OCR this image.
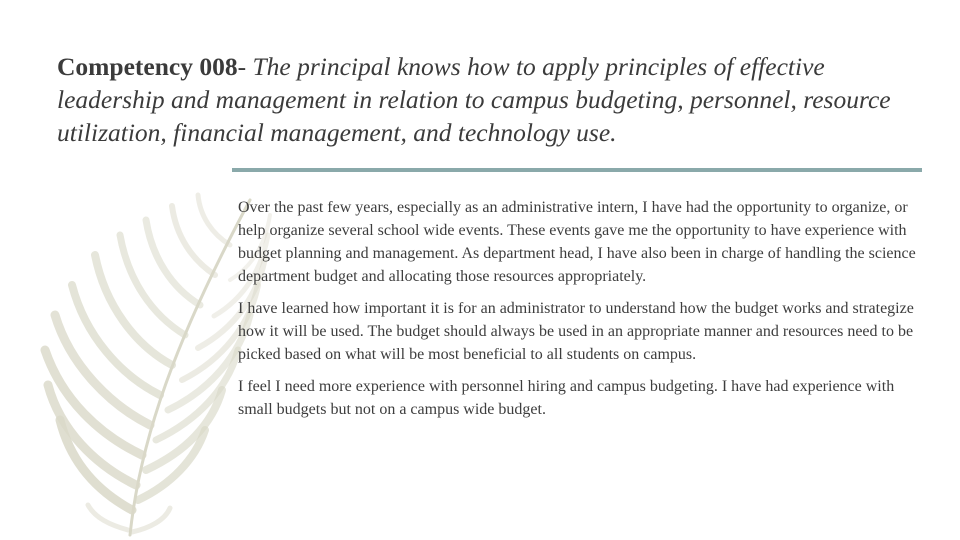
Competency 008- The principal knows how to apply principles of effective leadership and management in relation to campus budgeting, personnel, resource utilization, financial management, and technology use.

Over the past few years, especially as an administrative intern, I have had the opportunity to organize, or help organize several school wide events. These events gave me the opportunity to have experience with budget planning and management. As department head, I have also been in charge of handling the science department budget and allocating those resources appropriately.

I have learned how important it is for an administrator to understand how the budget works and strategize how it will be used. The budget should always be used in an appropriate manner and resources need to be picked based on what will be most beneficial to all students on campus.

I feel I need more experience with personnel hiring and campus budgeting. I have had experience with small budgets but not on a campus wide budget.
